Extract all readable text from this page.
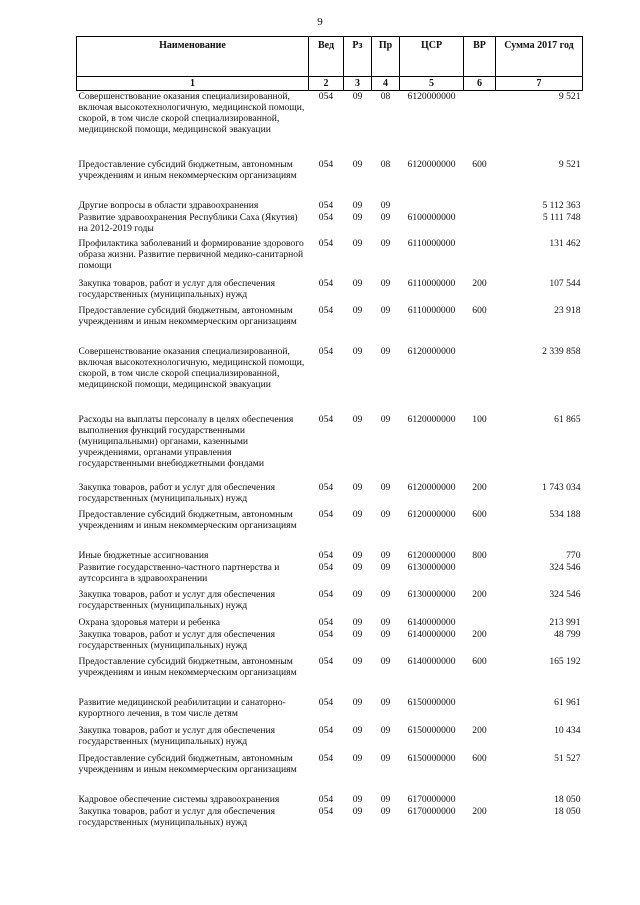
9
Наименование	Вед	Рз	Пр	ЦСР	ВР	Сумма 2017 год
1	2	3	4	5	6	7
Совершенствование оказания специализированной, включая высокотехнологичную, медицинской помощи, скорой, в том числе скорой специализированной, медицинской помощи, медицинской эвакуации	054	09	08	6120000000		9 521
Предоставление субсидий бюджетным, автономным учреждениям и иным некоммерческим организациям	054	09	08	6120000000	600	9 521
Другие вопросы в области здравоохранения	054	09	09			5 112 363
Развитие здравоохранения Республики Саха (Якутия) на 2012-2019 годы	054	09	09	6100000000		5 111 748
Профилактика заболеваний и формирование здорового образа жизни. Развитие первичной медико-санитарной помощи	054	09	09	6110000000		131 462
Закупка товаров, работ и услуг для обеспечения государственных (муниципальных) нужд	054	09	09	6110000000	200	107 544
Предоставление субсидий бюджетным, автономным учреждениям и иным некоммерческим организациям	054	09	09	6110000000	600	23 918
Совершенствование оказания специализированной, включая высокотехнологичную, медицинской помощи, скорой, в том числе скорой специализированной, медицинской помощи, медицинской эвакуации	054	09	09	6120000000		2 339 858
Расходы на выплаты персоналу в целях обеспечения выполнения функций государственными (муниципальными) органами, казенными учреждениями, органами управления государственными внебюджетными фондами	054	09	09	6120000000	100	61 865
Закупка товаров, работ и услуг для обеспечения государственных (муниципальных) нужд	054	09	09	6120000000	200	1 743 034
Предоставление субсидий бюджетным, автономным учреждениям и иным некоммерческим организациям	054	09	09	6120000000	600	534 188
Иные бюджетные ассигнования	054	09	09	6120000000	800	770
Развитие государственно-частного партнерства и аутсорсинга в здравоохранении	054	09	09	6130000000		324 546
Закупка товаров, работ и услуг для обеспечения государственных (муниципальных) нужд	054	09	09	6130000000	200	324 546
Охрана здоровья матери и ребенка	054	09	09	6140000000		213 991
Закупка товаров, работ и услуг для обеспечения государственных (муниципальных) нужд	054	09	09	6140000000	200	48 799
Предоставление субсидий бюджетным, автономным учреждениям и иным некоммерческим организациям	054	09	09	6140000000	600	165 192
Развитие медицинской реабилитации и санаторно-курортного лечения, в том числе детям	054	09	09	6150000000		61 961
Закупка товаров, работ и услуг для обеспечения государственных (муниципальных) нужд	054	09	09	6150000000	200	10 434
Предоставление субсидий бюджетным, автономным учреждениям и иным некоммерческим организациям	054	09	09	6150000000	600	51 527
Кадровое обеспечение системы здравоохранения	054	09	09	6170000000		18 050
Закупка товаров, работ и услуг для обеспечения государственных (муниципальных) нужд	054	09	09	6170000000	200	18 050
